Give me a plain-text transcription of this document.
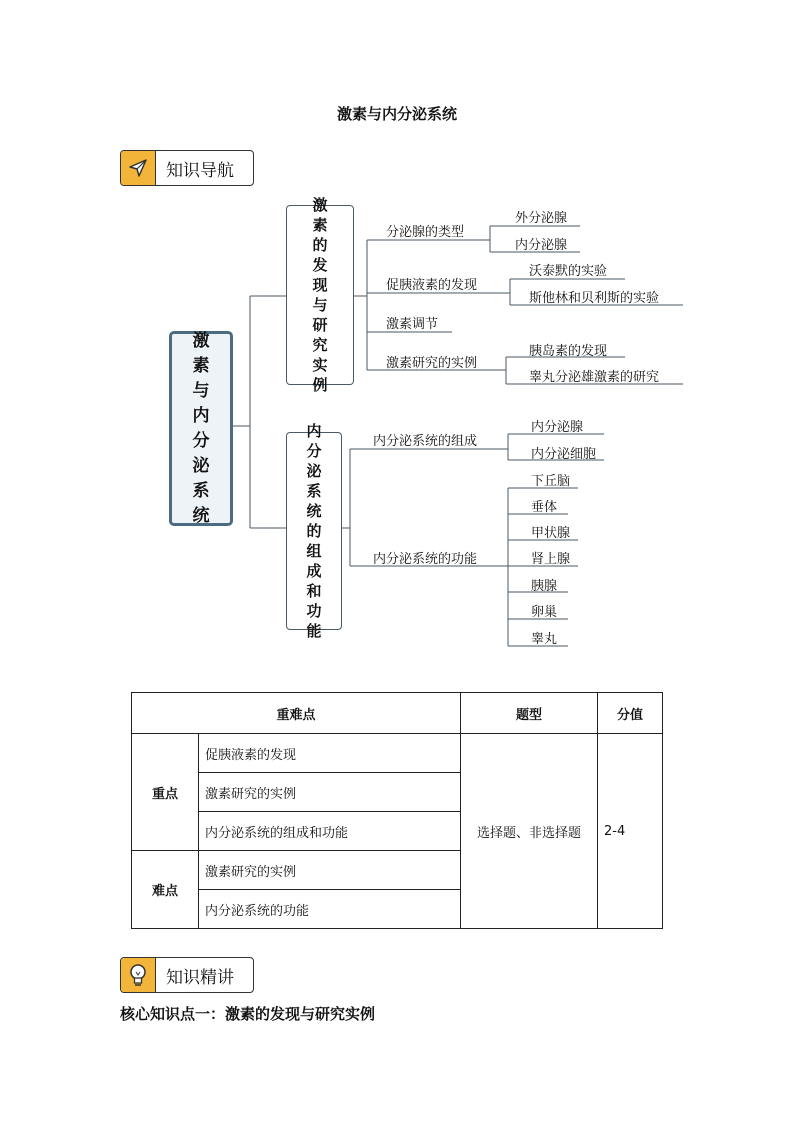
激素与内分泌系统
知识导航
激素与内分泌系统
激素的发现与研究实例
内分泌系统的组成和功能
分泌腺的类型
促胰液素的发现
激素调节
激素研究的实例
外分泌腺
内分泌腺
沃泰默的实验
斯他林和贝利斯的实验
胰岛素的发现
睾丸分泌雄激素的研究
内分泌系统的组成
内分泌系统的功能
内分泌腺
内分泌细胞
下丘脑
垂体
甲状腺
肾上腺
胰腺
卵巢
睾丸
重难点		题型	分值
重点	促胰液素的发现	选择题、非选择题	2-4
	激素研究的实例		
	内分泌系统的组成和功能		
难点	激素研究的实例		
	内分泌系统的功能		
知识精讲
核心知识点一：激素的发现与研究实例
